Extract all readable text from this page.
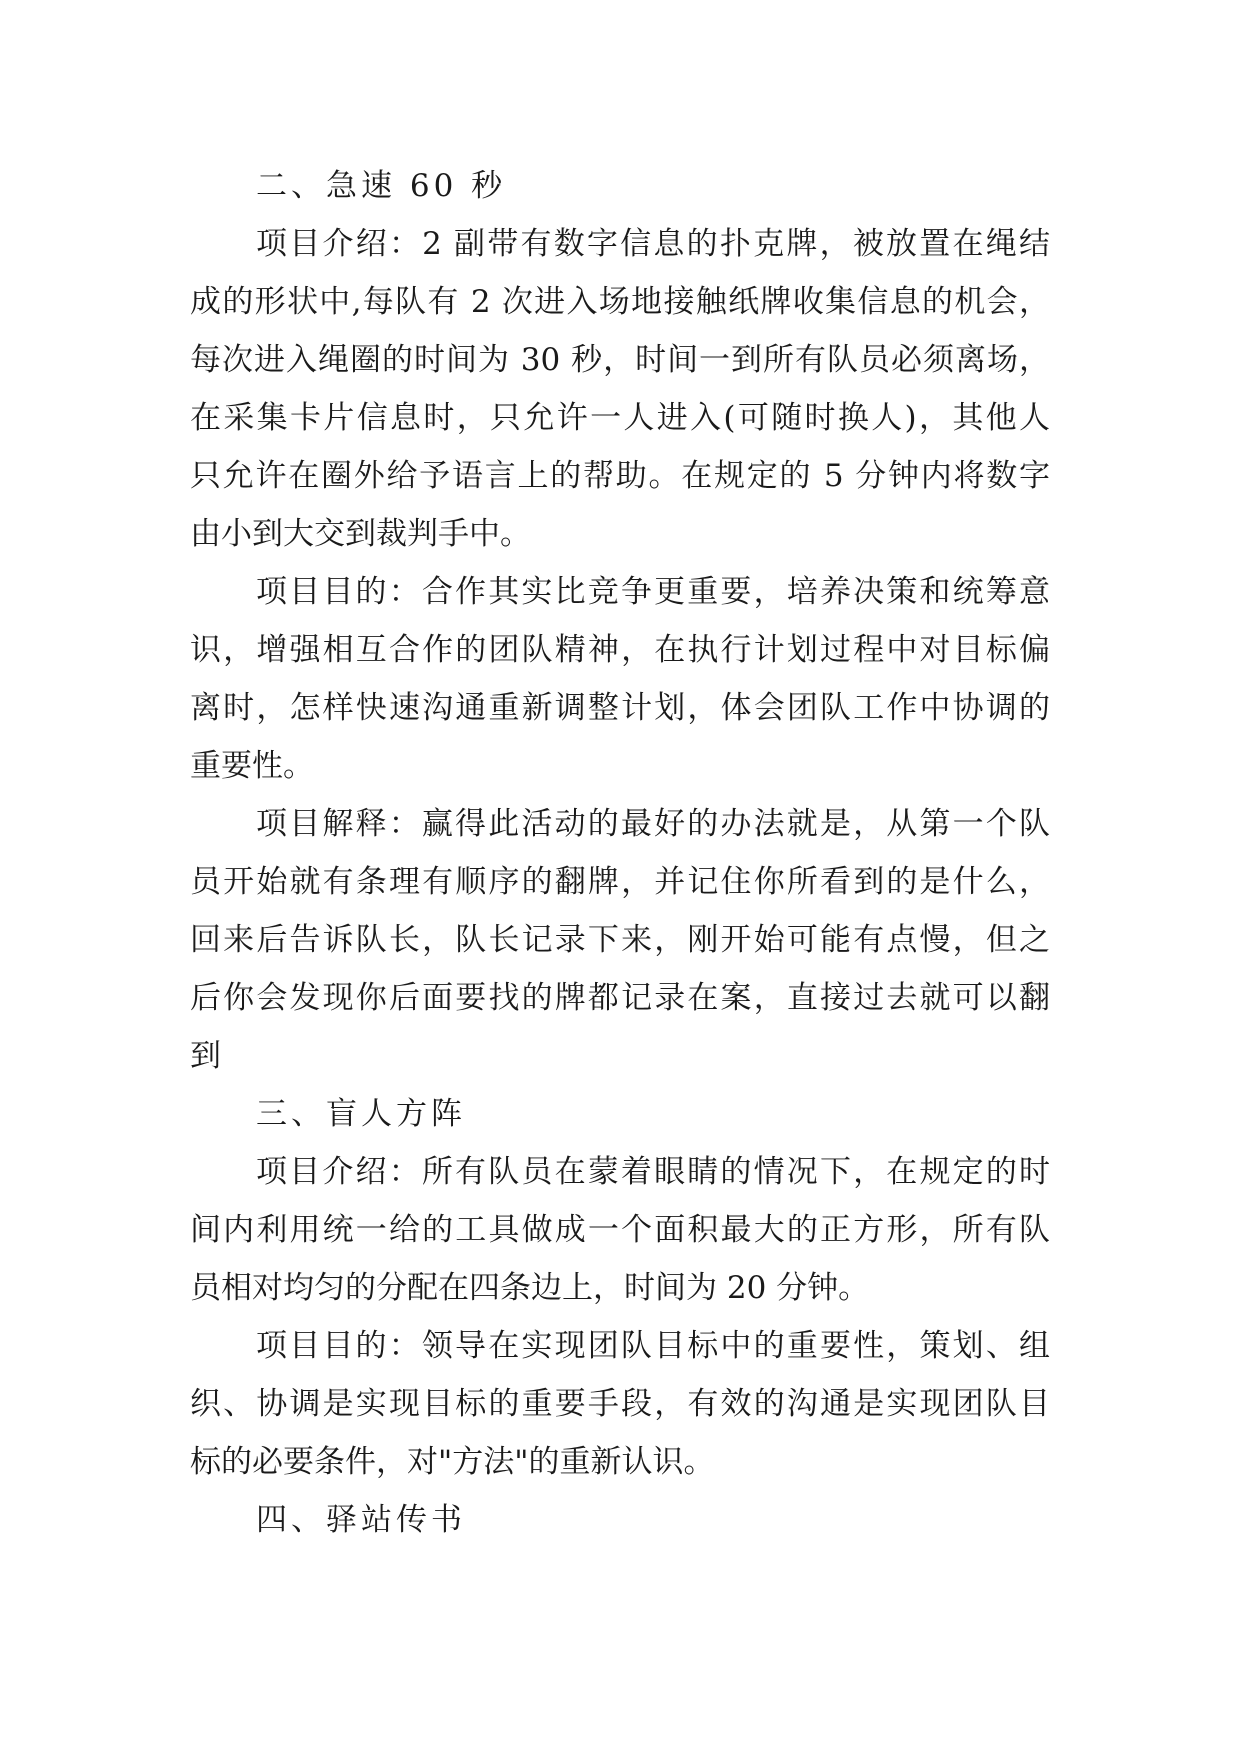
二、急速 60 秒
项目介绍：2 副带有数字信息的扑克牌，被放置在绳结
成的形状中,每队有 2 次进入场地接触纸牌收集信息的机会，
每次进入绳圈的时间为 30 秒，时间一到所有队员必须离场，
在采集卡片信息时，只允许一人进入(可随时换人)，其他人
只允许在圈外给予语言上的帮助。在规定的 5 分钟内将数字
由小到大交到裁判手中。
项目目的：合作其实比竞争更重要，培养决策和统筹意
识，增强相互合作的团队精神，在执行计划过程中对目标偏
离时，怎样快速沟通重新调整计划，体会团队工作中协调的
重要性。
项目解释：赢得此活动的最好的办法就是，从第一个队
员开始就有条理有顺序的翻牌，并记住你所看到的是什么，
回来后告诉队长，队长记录下来，刚开始可能有点慢，但之
后你会发现你后面要找的牌都记录在案，直接过去就可以翻
到
三、盲人方阵
项目介绍：所有队员在蒙着眼睛的情况下，在规定的时
间内利用统一给的工具做成一个面积最大的正方形，所有队
员相对均匀的分配在四条边上，时间为 20 分钟。
项目目的：领导在实现团队目标中的重要性，策划、组
织、协调是实现目标的重要手段，有效的沟通是实现团队目
标的必要条件，对"方法"的重新认识。
四、驿站传书
